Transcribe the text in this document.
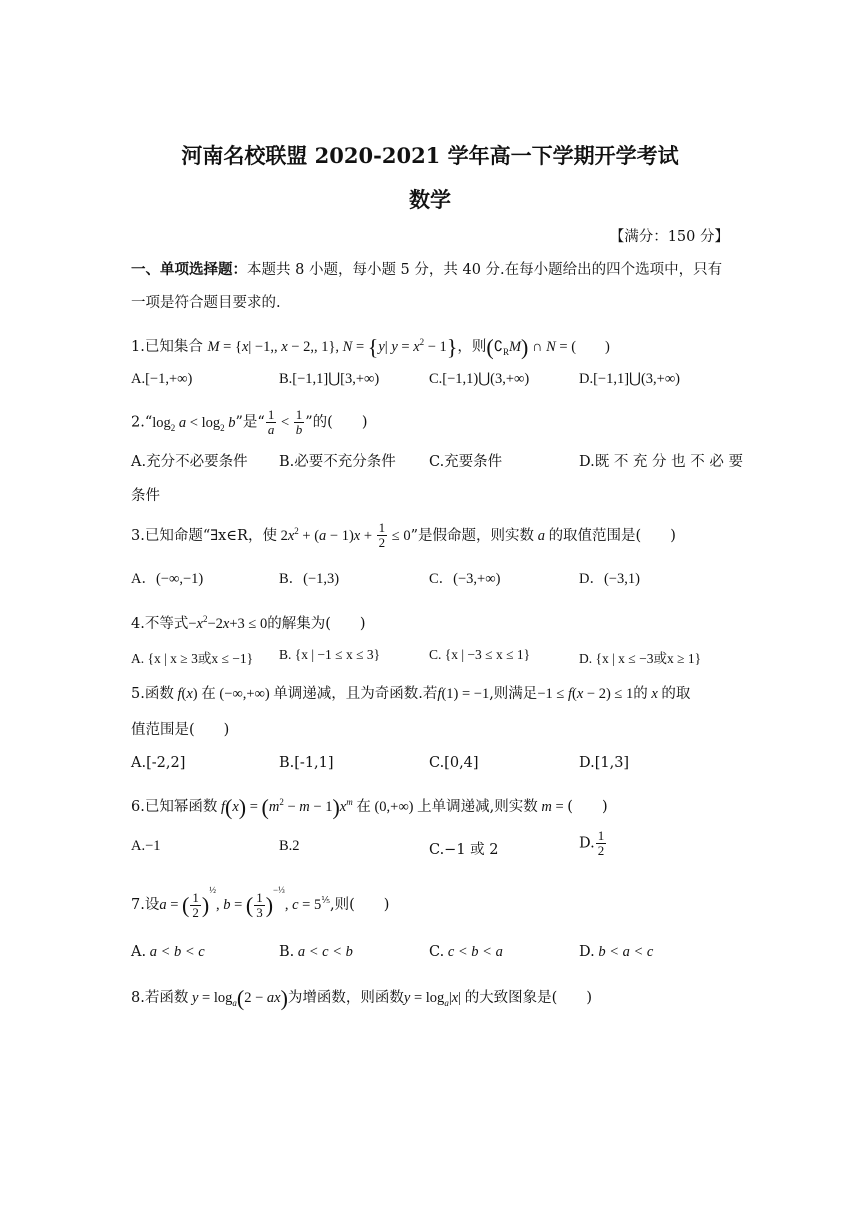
河南名校联盟 2020-2021 学年高一下学期开学考试
数学
【满分：150 分】
一、单项选择题：本题共 8 小题，每小题 5 分，共 40 分.在每小题给出的四个选项中，只有
一项是符合题目要求的.
1.已知集合 M = {x| −1,, x − 2,, 1}, N = {y| $y = x^2 - 1$}，则$(∁_RM)$ ∩ N = (　　)
A.[−1,+∞)	B.[−1,1]⋃[3,+∞)	C.[−1,1)⋃(3,+∞)	D.[−1,1]⋃(3,+∞)
$2.“\log_2$ $a < \log_2 b$”是“ $\frac{1}{a} < \frac{1}{b}$ ”的(　　)
A.充分不必要条件 B.必要不充分条件 C.充要条件	D.既 不 充 分 也 不 必 要
条件
3.已知命题“∃x∈R，使 $2x^2 + (a - 1)x + \frac{1}{2} \le 0$”是假命题，则实数 a 的取值范围是(　　)
A．(−∞,−1)	B．(−1,3)	C．(−3,+∞)	D．(−3,1)
4.不等式$-x^2-2x+3 \le 0$的解集为(　　)
A. {x | x ≥ 3或x ≤ −1} B. {x | −1 ≤ x ≤ 3}	C. {x | −3 ≤ x ≤ 1}	D. {x | x ≤ −3或x ≥ 1}
5.函数 f(x) 在 (−∞,+∞) 单调递减，且为奇函数.若f(1) = −1,则满足−1 ≤ f(x − 2) ≤ 1的 x 的取
值范围是(　　)
A.[-2,2]	B.[-1,1]	C.[0,4]	D.[1,3]
6.已知幂函数 $f(x) = (m^2 - m - 1)x^m$ 在 (0,+∞) 上单调递减,则实数 m = (　　)
A.−1	B.2	C.−1 或 2	D. $\frac{1}{2}$
7.设a = ( $\frac{1}{2} )^{\frac{1}{2}}$, b = ( $\frac{1}{3} )^{-\frac{1}{3}}$, $c = 5^{\frac{1}{5}}$,则(　　)
A. a < b < c	B. a < c < b	C. c < b < a	D. b < a < c
8.若函数 $y = \log_a(2 - ax)$为增函数，则函数$y = \log_a|x|$ 的大致图象是(　　)
